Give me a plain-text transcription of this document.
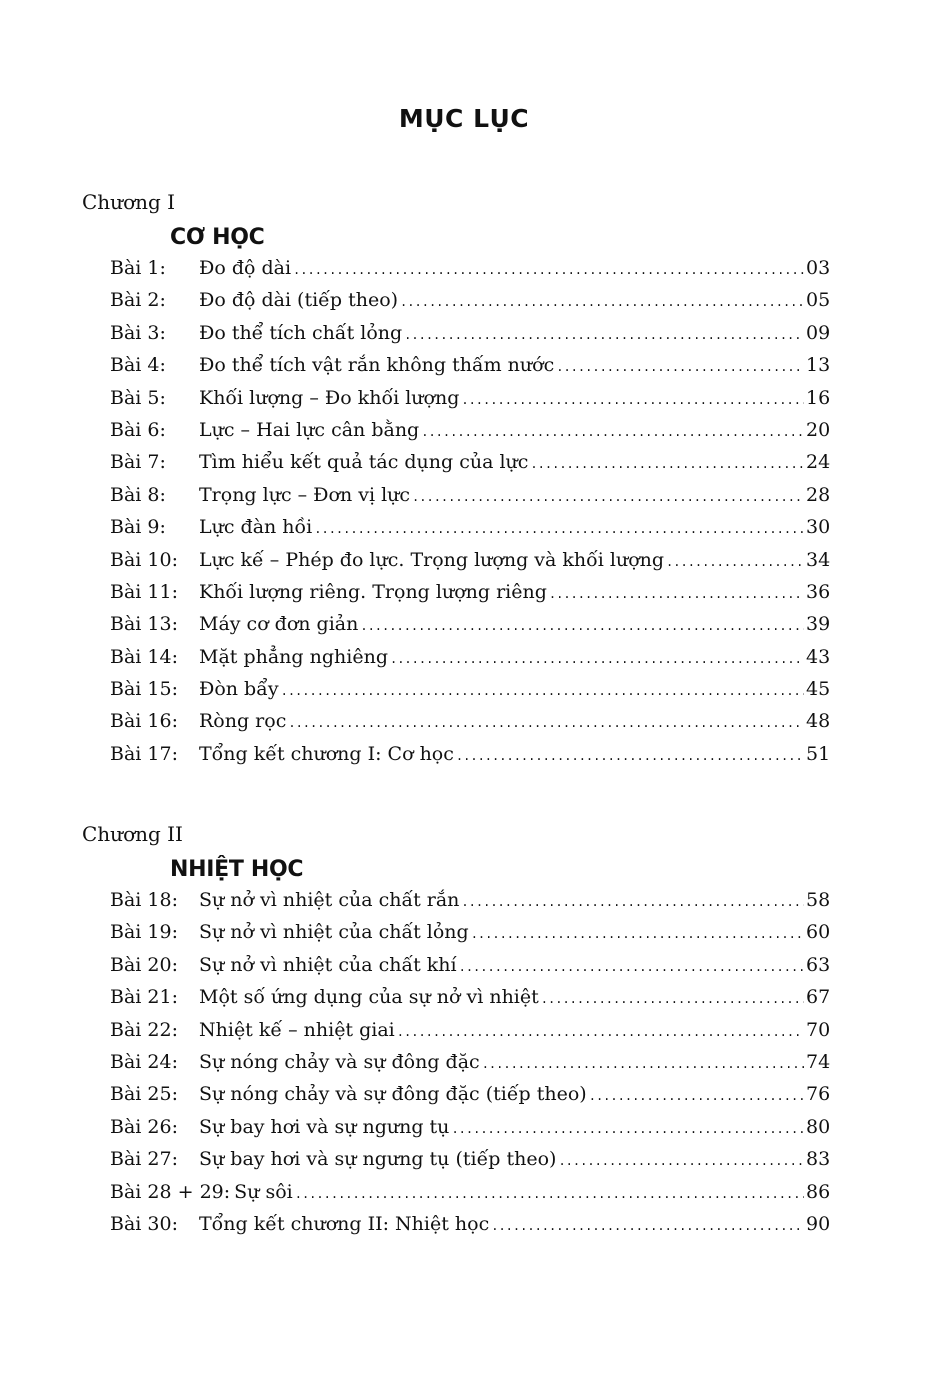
MỤC LỤC
Chương I
CƠ HỌC
Bài 1:	Đo độ dài .....	03
Bài 2:	Đo độ dài (tiếp theo) .....	05
Bài 3:	Đo thể tích chất lỏng .....	09
Bài 4:	Đo thể tích vật rắn không thấm nước .....	13
Bài 5:	Khối lượng – Đo khối lượng .....	16
Bài 6:	Lực – Hai lực cân bằng .....	20
Bài 7:	Tìm hiểu kết quả tác dụng của lực .....	24
Bài 8:	Trọng lực – Đơn vị lực .....	28
Bài 9:	Lực đàn hồi .....	30
Bài 10:	Lực kế – Phép đo lực. Trọng lượng và khối lượng .....	34
Bài 11:	Khối lượng riêng. Trọng lượng riêng .....	36
Bài 13:	Máy cơ đơn giản .....	39
Bài 14:	Mặt phẳng nghiêng .....	43
Bài 15:	Đòn bẩy .....	45
Bài 16:	Ròng rọc .....	48
Bài 17:	Tổng kết chương I: Cơ học .....	51
Chương II
NHIỆT HỌC
Bài 18:	Sự nở vì nhiệt của chất rắn .....	58
Bài 19:	Sự nở vì nhiệt của chất lỏng .....	60
Bài 20:	Sự nở vì nhiệt của chất khí .....	63
Bài 21:	Một số ứng dụng của sự nở vì nhiệt .....	67
Bài 22:	Nhiệt kế – nhiệt giai .....	70
Bài 24:	Sự nóng chảy và sự đông đặc .....	74
Bài 25:	Sự nóng chảy và sự đông đặc (tiếp theo) .....	76
Bài 26:	Sự bay hơi và sự ngưng tụ .....	80
Bài 27:	Sự bay hơi và sự ngưng tụ (tiếp theo) .....	83
Bài 28 + 29: Sự sôi .....	86
Bài 30:	Tổng kết chương II: Nhiệt học .....	90
